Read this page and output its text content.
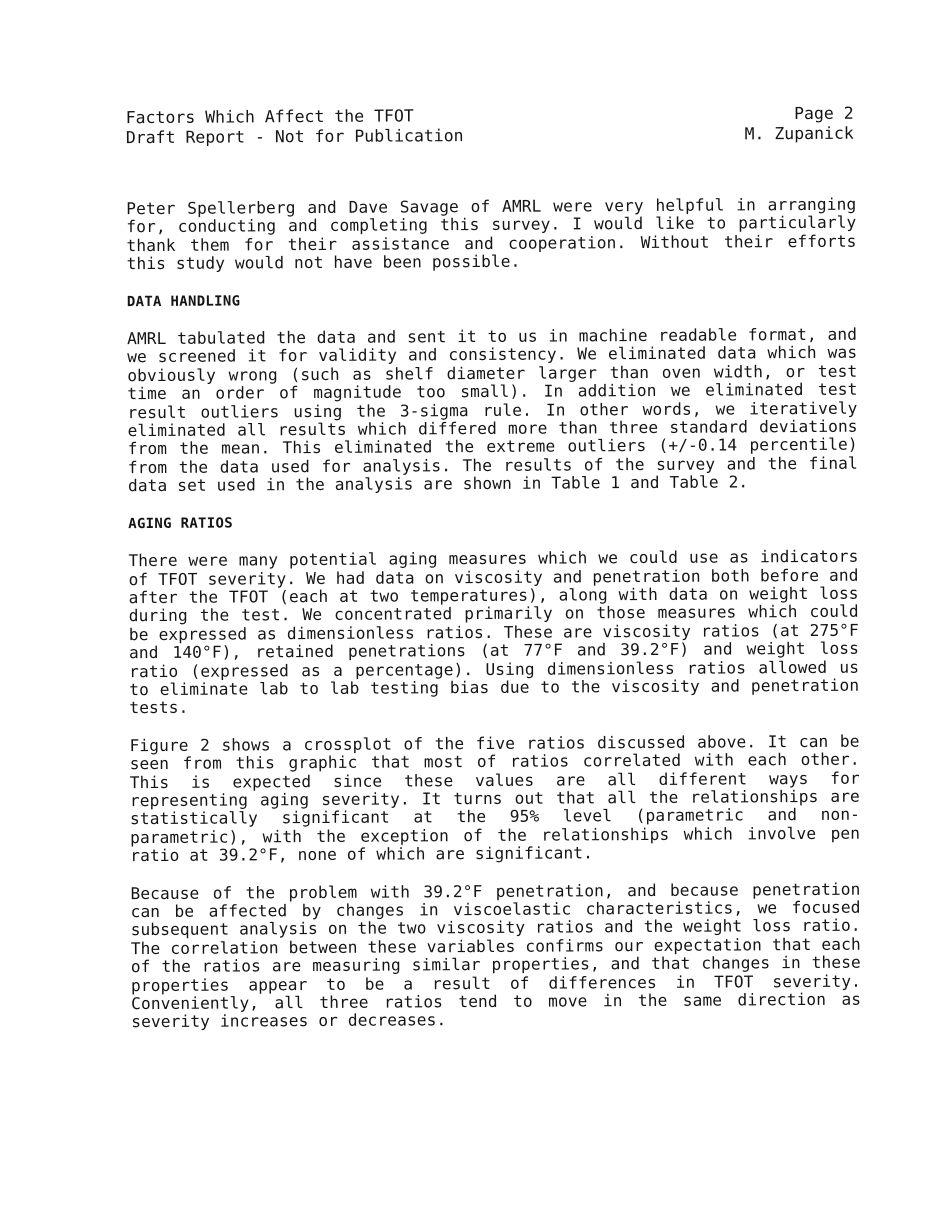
Factors Which Affect the TFOT
Draft Report - Not for Publication
Page 2
M. Zupanick

Peter Spellerberg and Dave Savage of AMRL were very helpful in arranging for, conducting and completing this survey. I would like to particularly thank them for their assistance and cooperation. Without their efforts this study would not have been possible.

DATA HANDLING

AMRL tabulated the data and sent it to us in machine readable format, and we screened it for validity and consistency. We eliminated data which was obviously wrong (such as shelf diameter larger than oven width, or test time an order of magnitude too small). In addition we eliminated test result outliers using the 3-sigma rule. In other words, we iteratively eliminated all results which differed more than three standard deviations from the mean. This eliminated the extreme outliers (+/-0.14 percentile) from the data used for analysis. The results of the survey and the final data set used in the analysis are shown in Table 1 and Table 2.

AGING RATIOS

There were many potential aging measures which we could use as indicators of TFOT severity. We had data on viscosity and penetration both before and after the TFOT (each at two temperatures), along with data on weight loss during the test. We concentrated primarily on those measures which could be expressed as dimensionless ratios. These are viscosity ratios (at 275°F and 140°F), retained penetrations (at 77°F and 39.2°F) and weight loss ratio (expressed as a percentage). Using dimensionless ratios allowed us to eliminate lab to lab testing bias due to the viscosity and penetration tests.

Figure 2 shows a crossplot of the five ratios discussed above. It can be seen from this graphic that most of ratios correlated with each other. This is expected since these values are all different ways for representing aging severity. It turns out that all the relationships are statistically significant at the 95% level (parametric and non-parametric), with the exception of the relationships which involve pen ratio at 39.2°F, none of which are significant.

Because of the problem with 39.2°F penetration, and because penetration can be affected by changes in viscoelastic characteristics, we focused subsequent analysis on the two viscosity ratios and the weight loss ratio. The correlation between these variables confirms our expectation that each of the ratios are measuring similar properties, and that changes in these properties appear to be a result of differences in TFOT severity. Conveniently, all three ratios tend to move in the same direction as severity increases or decreases.
